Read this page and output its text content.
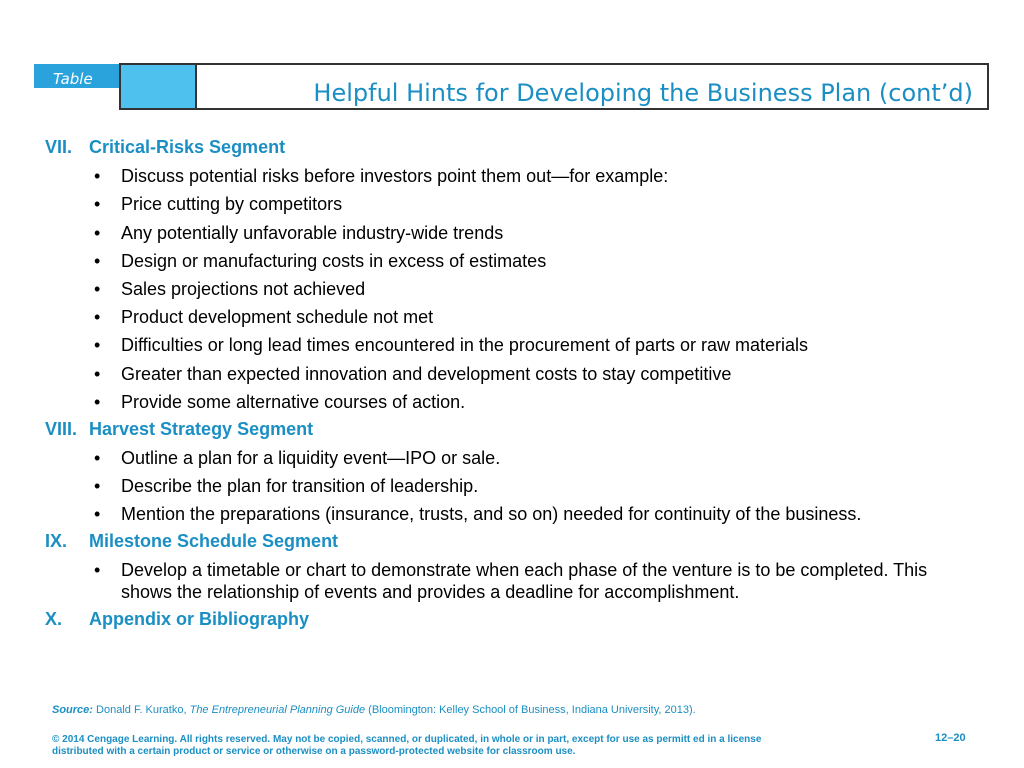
Table	Helpful Hints for Developing the Business Plan (cont’d)
VII. Critical-Risks Segment
• Discuss potential risks before investors point them out—for example:
• Price cutting by competitors
• Any potentially unfavorable industry-wide trends
• Design or manufacturing costs in excess of estimates
• Sales projections not achieved
• Product development schedule not met
• Difficulties or long lead times encountered in the procurement of parts or raw materials
• Greater than expected innovation and development costs to stay competitive
• Provide some alternative courses of action.
VIII. Harvest Strategy Segment
• Outline a plan for a liquidity event—IPO or sale.
• Describe the plan for transition of leadership.
• Mention the preparations (insurance, trusts, and so on) needed for continuity of the business.
IX. Milestone Schedule Segment
• Develop a timetable or chart to demonstrate when each phase of the venture is to be completed. This shows the relationship of events and provides a deadline for accomplishment.
X. Appendix or Bibliography
Source: Donald F. Kuratko, The Entrepreneurial Planning Guide (Bloomington: Kelley School of Business, Indiana University, 2013).
© 2014 Cengage Learning. All rights reserved. May not be copied, scanned, or duplicated, in whole or in part, except for use as permitt ed in a license distributed with a certain product or service or otherwise on a password-protected website for classroom use.
12–20
